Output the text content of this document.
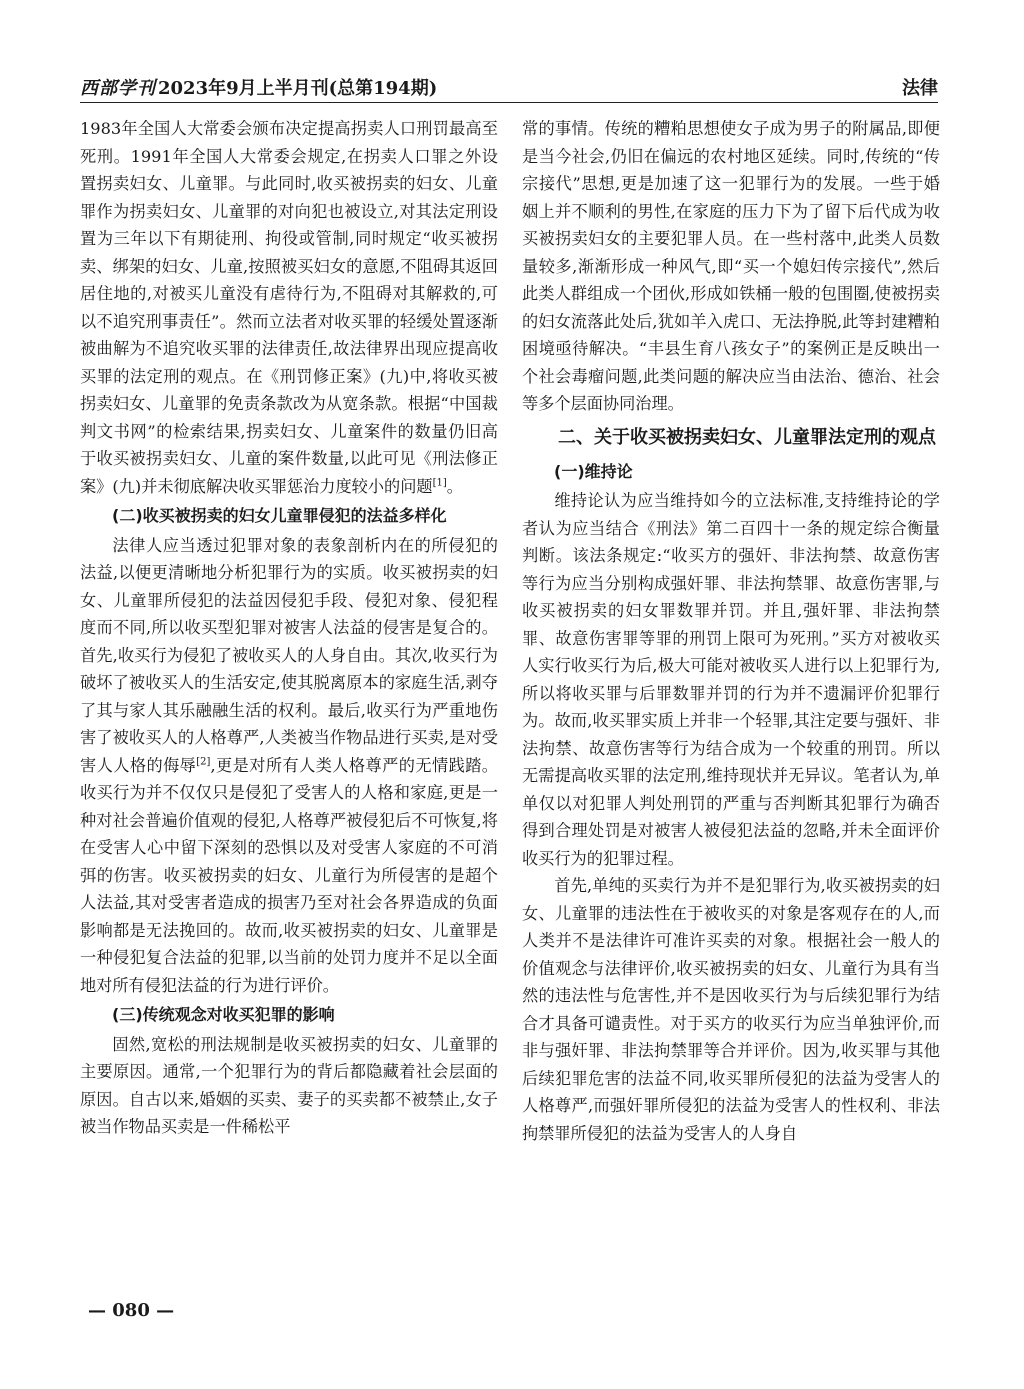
西部学刊 2023年9月上半月刊(总第194期)	法律

1983年全国人大常委会颁布决定提高拐卖人口刑罚最高至死刑。1991年全国人大常委会规定,在拐卖人口罪之外设置拐卖妇女、儿童罪。与此同时,收买被拐卖的妇女、儿童罪作为拐卖妇女、儿童罪的对向犯也被设立,对其法定刑设置为三年以下有期徒刑、拘役或管制,同时规定“收买被拐卖、绑架的妇女、儿童,按照被买妇女的意愿,不阻碍其返回居住地的,对被买儿童没有虐待行为,不阻碍对其解救的,可以不追究刑事责任”。然而立法者对收买罪的轻缓处置逐渐被曲解为不追究收买罪的法律责任,故法律界出现应提高收买罪的法定刑的观点。在《刑罚修正案》(九)中,将收买被拐卖妇女、儿童罪的免责条款改为从宽条款。根据“中国裁判文书网”的检索结果,拐卖妇女、儿童案件的数量仍旧高于收买被拐卖妇女、儿童的案件数量,以此可见《刑法修正案》(九)并未彻底解决收买罪惩治力度较小的问题[1]。

(二)收买被拐卖的妇女儿童罪侵犯的法益多样化

法律人应当透过犯罪对象的表象剖析内在的所侵犯的法益,以便更清晰地分析犯罪行为的实质。收买被拐卖的妇女、儿童罪所侵犯的法益因侵犯手段、侵犯对象、侵犯程度而不同,所以收买型犯罪对被害人法益的侵害是复合的。首先,收买行为侵犯了被收买人的人身自由。其次,收买行为破坏了被收买人的生活安定,使其脱离原本的家庭生活,剥夺了其与家人其乐融融生活的权利。最后,收买行为严重地伤害了被收买人的人格尊严,人类被当作物品进行买卖,是对受害人人格的侮辱[2],更是对所有人类人格尊严的无情践踏。收买行为并不仅仅只是侵犯了受害人的人格和家庭,更是一种对社会普遍价值观的侵犯,人格尊严被侵犯后不可恢复,将在受害人心中留下深刻的恐惧以及对受害人家庭的不可消弭的伤害。收买被拐卖的妇女、儿童行为所侵害的是超个人法益,其对受害者造成的损害乃至对社会各界造成的负面影响都是无法挽回的。故而,收买被拐卖的妇女、儿童罪是一种侵犯复合法益的犯罪,以当前的处罚力度并不足以全面地对所有侵犯法益的行为进行评价。

(三)传统观念对收买犯罪的影响

固然,宽松的刑法规制是收买被拐卖的妇女、儿童罪的主要原因。通常,一个犯罪行为的背后都隐藏着社会层面的原因。自古以来,婚姻的买卖、妻子的买卖都不被禁止,女子被当作物品买卖是一件稀松平

常的事情。传统的糟粕思想使女子成为男子的附属品,即便是当今社会,仍旧在偏远的农村地区延续。同时,传统的“传宗接代”思想,更是加速了这一犯罪行为的发展。一些于婚姻上并不顺利的男性,在家庭的压力下为了留下后代成为收买被拐卖妇女的主要犯罪人员。在一些村落中,此类人员数量较多,渐渐形成一种风气,即“买一个媳妇传宗接代”,然后此类人群组成一个团伙,形成如铁桶一般的包围圈,使被拐卖的妇女流落此处后,犹如羊入虎口、无法挣脱,此等封建糟粕困境亟待解决。“丰县生育八孩女子”的案例正是反映出一个社会毒瘤问题,此类问题的解决应当由法治、德治、社会等多个层面协同治理。

二、关于收买被拐卖妇女、儿童罪法定刑的观点
(一)维持论

维持论认为应当维持如今的立法标准,支持维持论的学者认为应当结合《刑法》第二百四十一条的规定综合衡量判断。该法条规定:“收买方的强奸、非法拘禁、故意伤害等行为应当分别构成强奸罪、非法拘禁罪、故意伤害罪,与收买被拐卖的妇女罪数罪并罚。并且,强奸罪、非法拘禁罪、故意伤害罪等罪的刑罚上限可为死刑。”买方对被收买人实行收买行为后,极大可能对被收买人进行以上犯罪行为,所以将收买罪与后罪数罪并罚的行为并不遗漏评价犯罪行为。故而,收买罪实质上并非一个轻罪,其注定要与强奸、非法拘禁、故意伤害等行为结合成为一个较重的刑罚。所以无需提高收买罪的法定刑,维持现状并无异议。笔者认为,单单仅以对犯罪人判处刑罚的严重与否判断其犯罪行为确否得到合理处罚是对被害人被侵犯法益的忽略,并未全面评价收买行为的犯罪过程。

首先,单纯的买卖行为并不是犯罪行为,收买被拐卖的妇女、儿童罪的违法性在于被收买的对象是客观存在的人,而人类并不是法律许可准许买卖的对象。根据社会一般人的价值观念与法律评价,收买被拐卖的妇女、儿童行为具有当然的违法性与危害性,并不是因收买行为与后续犯罪行为结合才具备可谴责性。对于买方的收买行为应当单独评价,而非与强奸罪、非法拘禁罪等合并评价。因为,收买罪与其他后续犯罪危害的法益不同,收买罪所侵犯的法益为受害人的人格尊严,而强奸罪所侵犯的法益为受害人的性权利、非法拘禁罪所侵犯的法益为受害人的人身自

— 080 —
